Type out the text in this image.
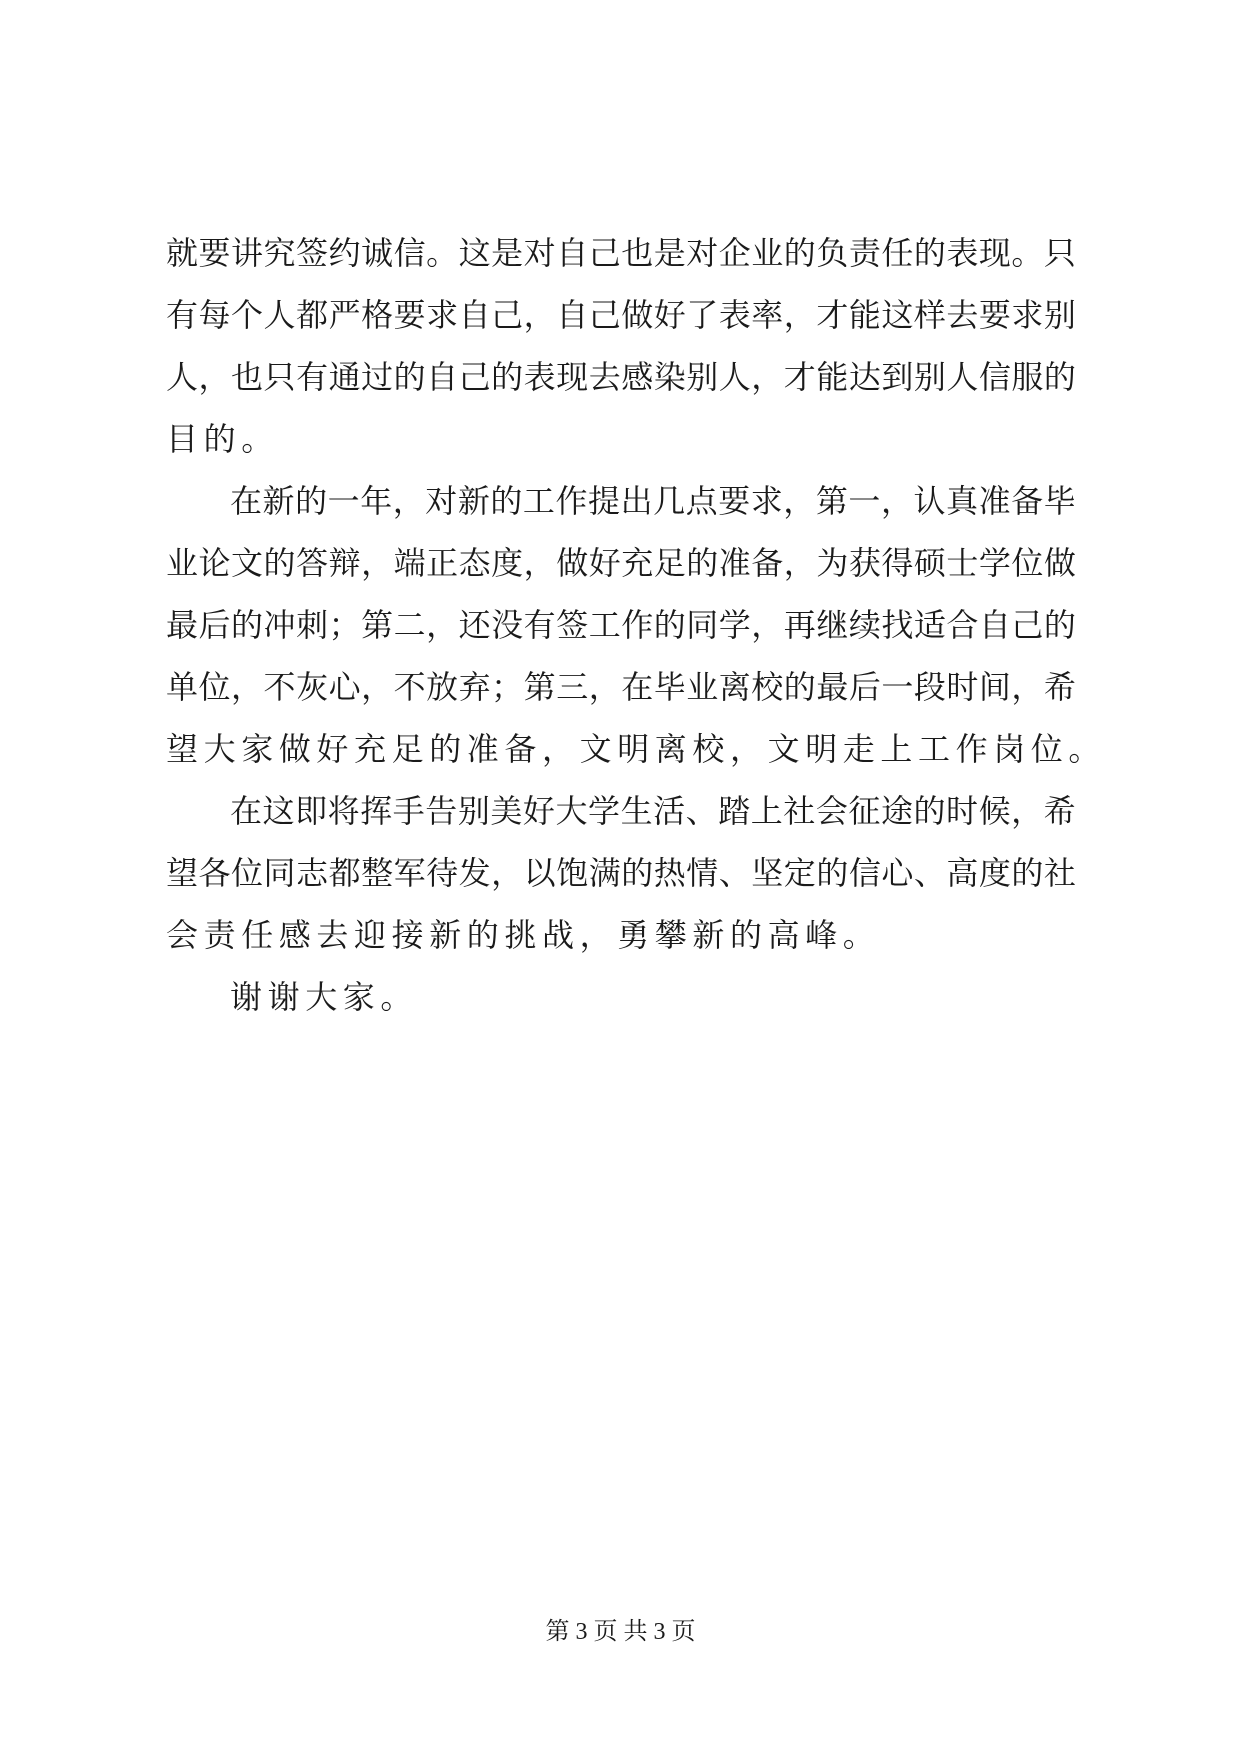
就 要 讲 究 签 约 诚 信 。 这 是 对 自 己 也 是 对 企 业 的 负 责 任 的 表 现 。 只
有 每 个 人 都 严 格 要 求 自 己 ， 自 己 做 好 了 表 率 ， 才 能 这 样 去 要 求 别
人 ， 也 只 有 通 过 的 自 己 的 表 现 去 感 染 别 人 ， 才 能 达 到 别 人 信 服 的
目的。
在 新 的 一 年 ， 对 新 的 工 作 提 出 几 点 要 求 ， 第 一 ， 认 真 准 备 毕
业 论 文 的 答 辩 ， 端 正 态 度 ， 做 好 充 足 的 准 备 ， 为 获 得 硕 士 学 位 做
最 后 的 冲 刺 ； 第 二 ， 还 没 有 签 工 作 的 同 学 ， 再 继 续 找 适 合 自 己 的
单 位 ， 不 灰 心 ， 不 放 弃 ； 第 三 ， 在 毕 业 离 校 的 最 后 一 段 时 间 ， 希
望大家做好充足的准备，文明离校，文明走上工作岗位。
在 这 即 将 挥 手 告 别 美 好 大 学 生 活 、 踏 上 社 会 征 途 的 时 候 ， 希
望 各 位 同 志 都 整 军 待 发 ， 以 饱 满 的 热 情 、 坚 定 的 信 心 、 高 度 的 社
会责任感去迎接新的挑战，勇攀新的高峰。
谢谢大家。
第 3 页 共 3 页
